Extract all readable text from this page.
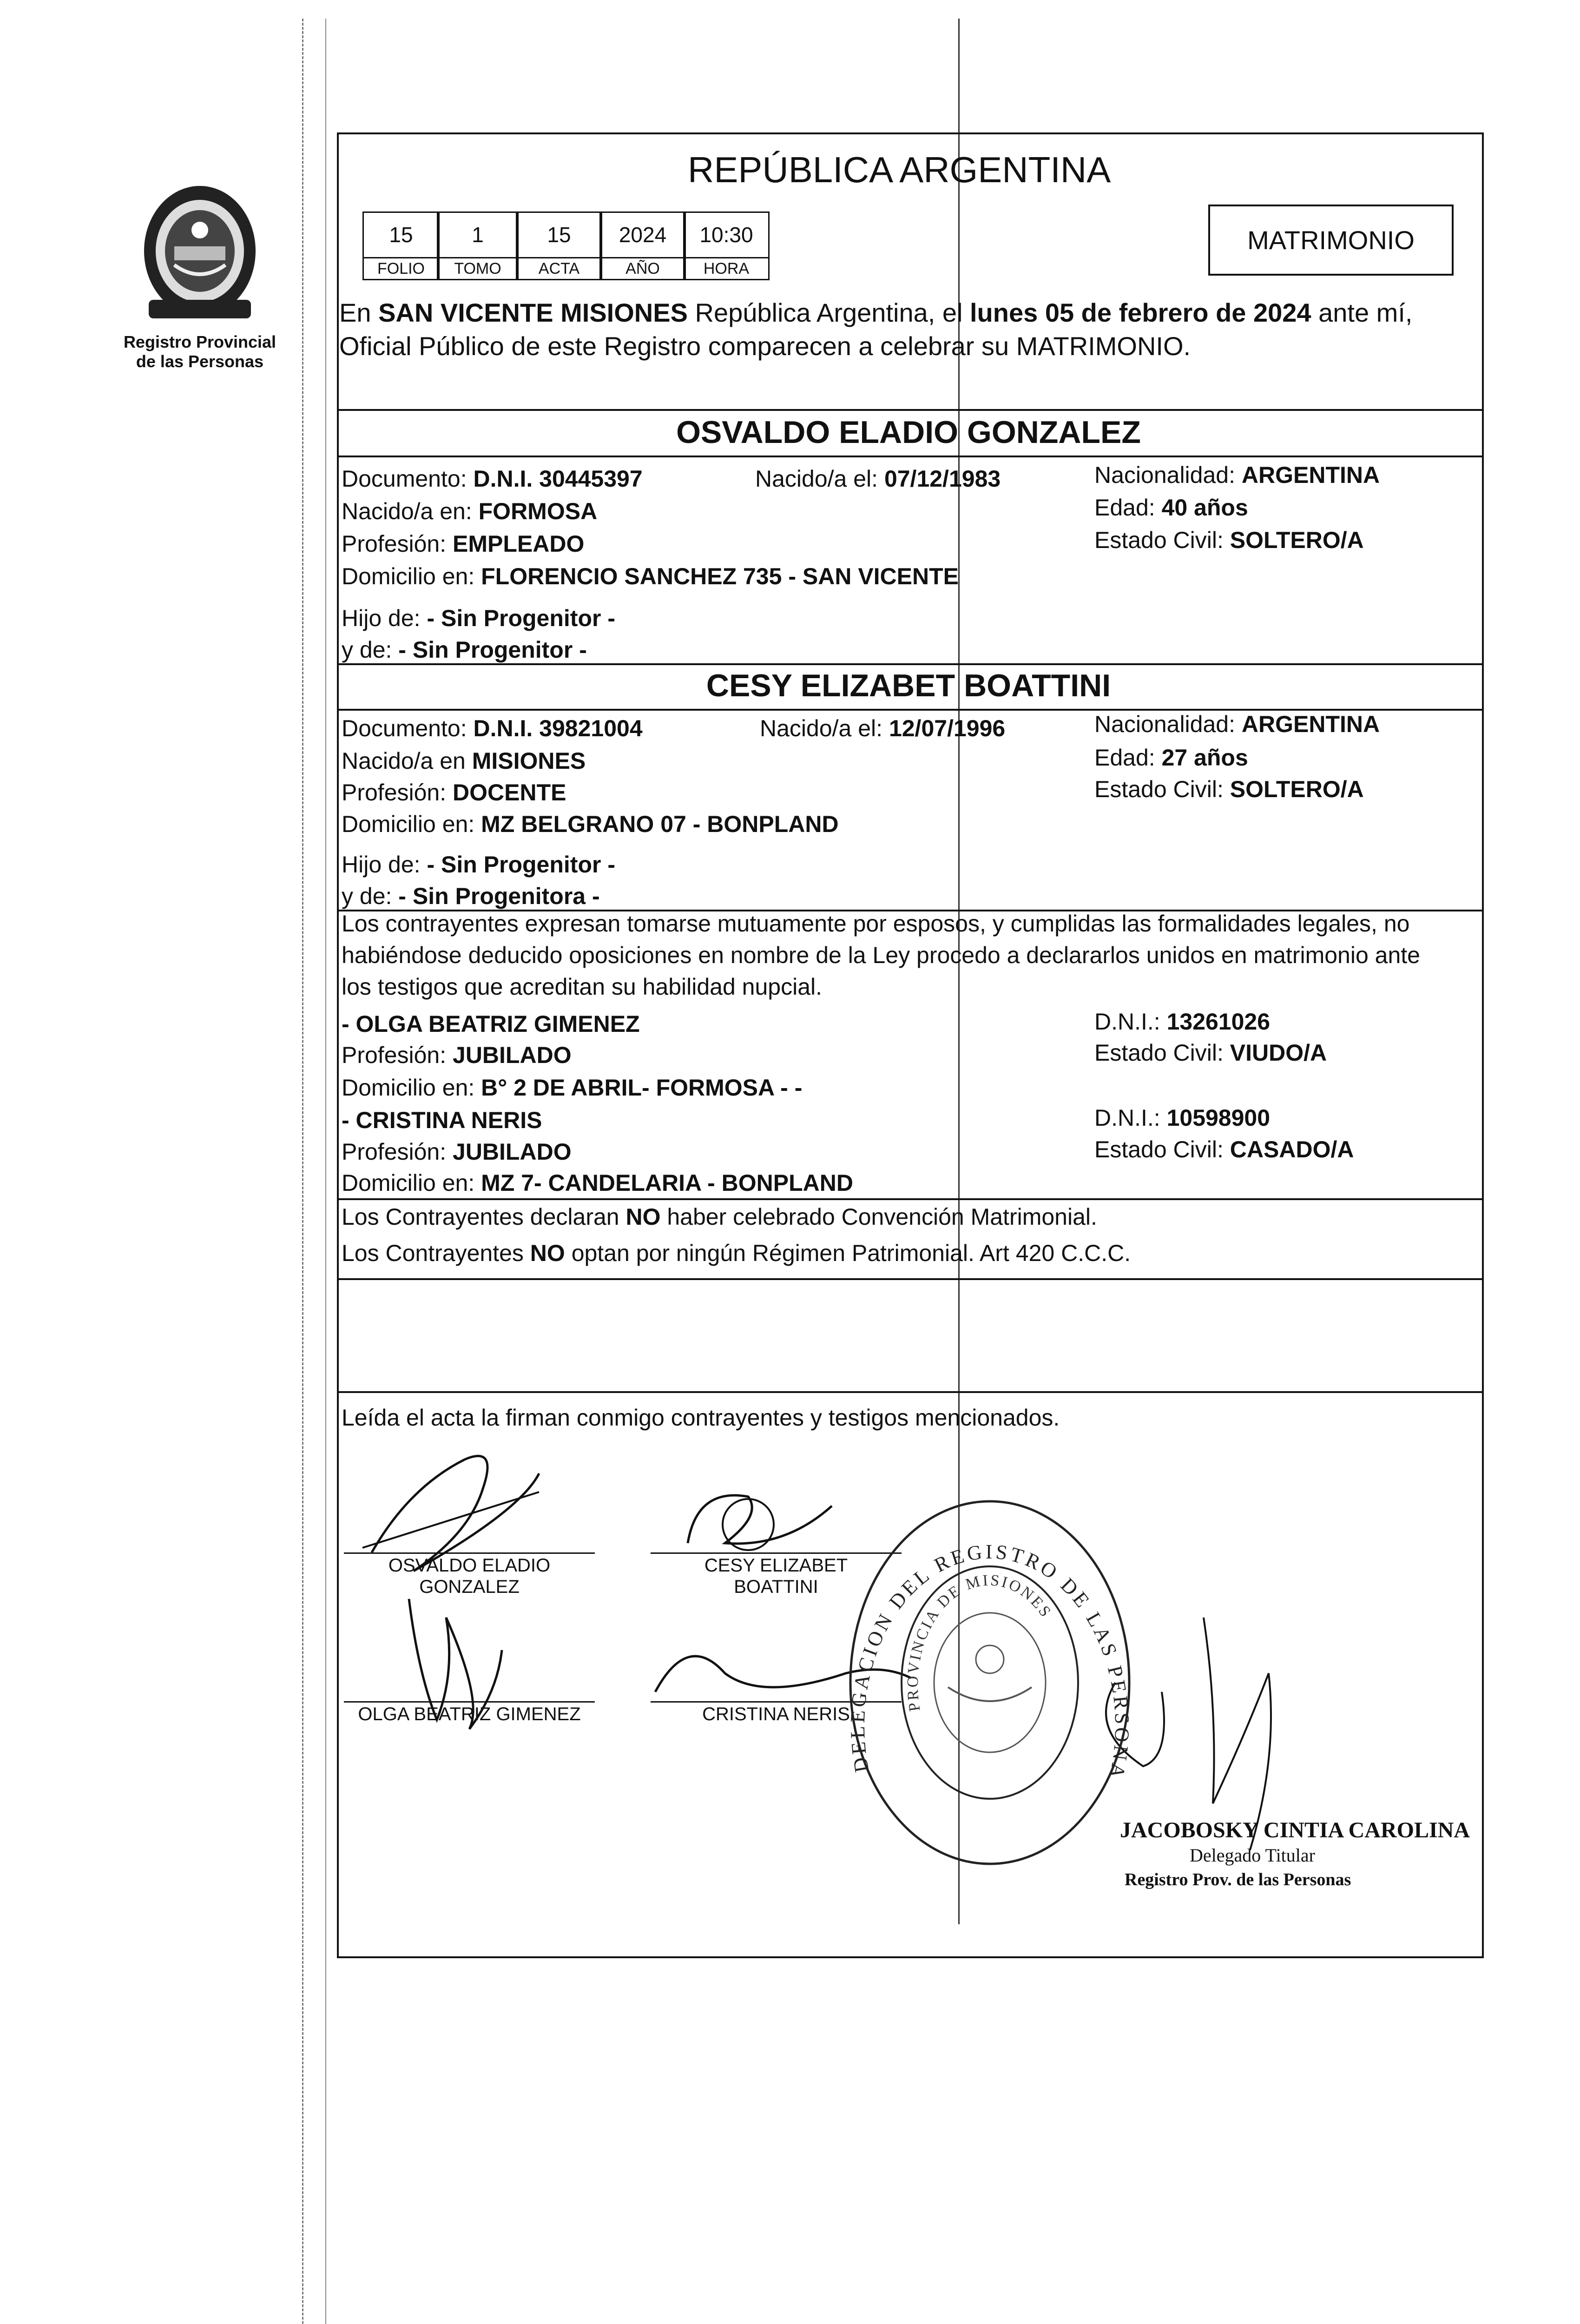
Registro Provincial
de las Personas
REPÚBLICA ARGENTINA
15	1	15	2024	10:30
FOLIO	TOMO	ACTA	AÑO	HORA
MATRIMONIO
En SAN VICENTE MISIONES República Argentina, el lunes 05 de febrero de 2024 ante mí,
Oficial Público de este Registro comparecen a celebrar su MATRIMONIO.
OSVALDO ELADIO GONZALEZ
Documento: D.N.I. 30445397	Nacido/a el: 07/12/1983	Nacionalidad: ARGENTINA
Nacido/a en: FORMOSA	Edad: 40 años
Profesión: EMPLEADO	Estado Civil: SOLTERO/A
Domicilio en: FLORENCIO SANCHEZ 735 - SAN VICENTE
Hijo de: - Sin Progenitor -
y de: - Sin Progenitor -
CESY ELIZABET BOATTINI
Documento: D.N.I. 39821004	Nacido/a el: 12/07/1996	Nacionalidad: ARGENTINA
Nacido/a en MISIONES	Edad: 27 años
Profesión: DOCENTE	Estado Civil: SOLTERO/A
Domicilio en: MZ BELGRANO 07 - BONPLAND
Hijo de: - Sin Progenitor -
y de: - Sin Progenitora -
Los contrayentes expresan tomarse mutuamente por esposos, y cumplidas las formalidades legales, no
habiéndose deducido oposiciones en nombre de la Ley procedo a declararlos unidos en matrimonio ante
los testigos que acreditan su habilidad nupcial.
- OLGA BEATRIZ GIMENEZ	D.N.I.: 13261026
Profesión: JUBILADO	Estado Civil: VIUDO/A
Domicilio en: B° 2 DE ABRIL- FORMOSA - -
- CRISTINA NERIS	D.N.I.: 10598900
Profesión: JUBILADO	Estado Civil: CASADO/A
Domicilio en: MZ 7- CANDELARIA - BONPLAND
Los Contrayentes declaran NO haber celebrado Convención Matrimonial.
Los Contrayentes NO optan por ningún Régimen Patrimonial. Art 420 C.C.C.
Leída el acta la firman conmigo contrayentes y testigos mencionados.
OSVALDO ELADIO
GONZALEZ
CESY ELIZABET
BOATTINI
OLGA BEATRIZ GIMENEZ	CRISTINA NERIS
DELEGACION DEL REGISTRO DE LAS PERSONA
PROVINCIA DE MISIONES
JACOBOSKY CINTIA CAROLINA
Delegado Titular
Registro Prov. de las Personas
